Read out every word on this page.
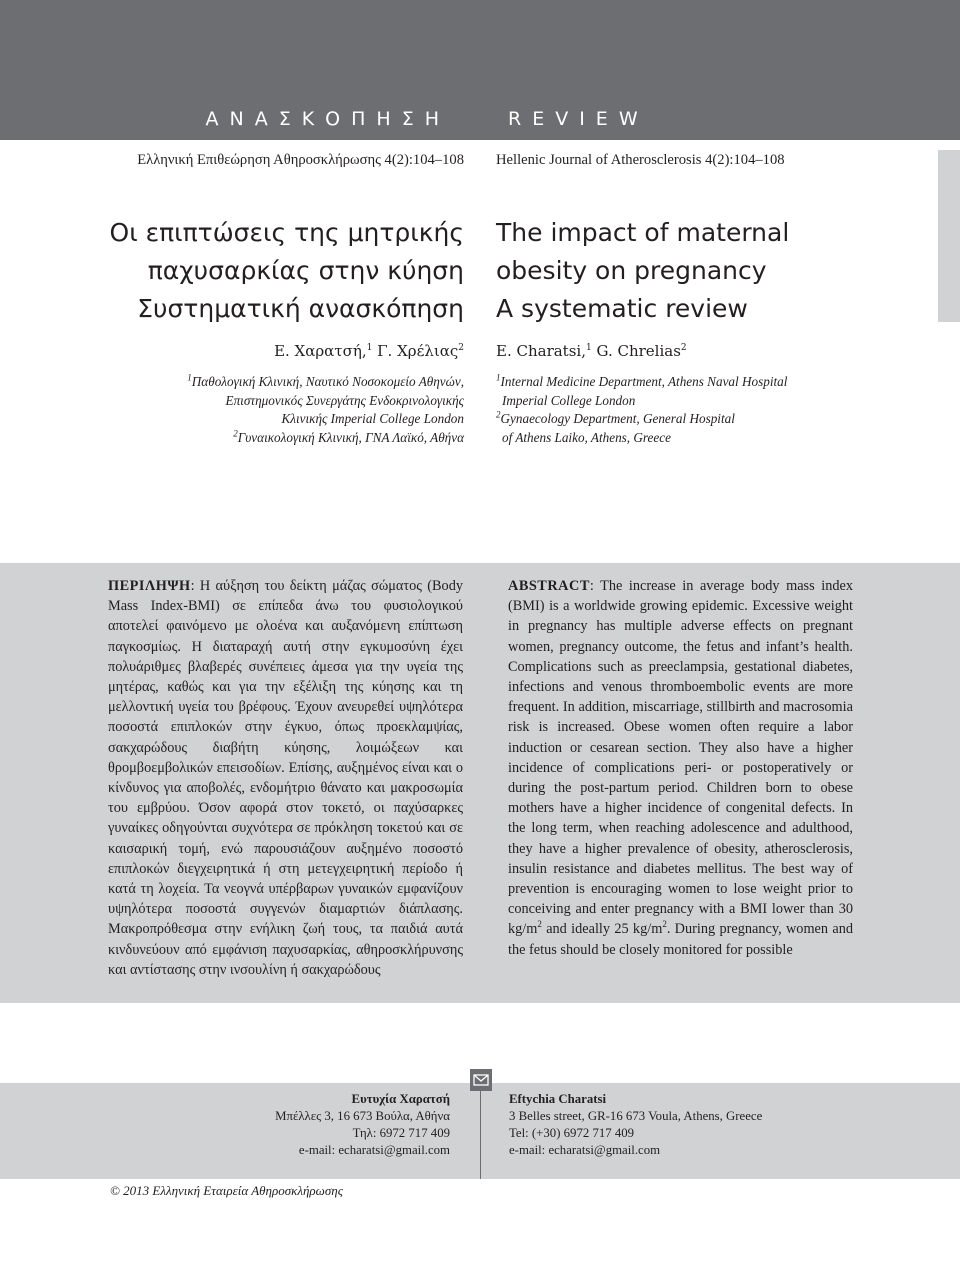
ΑΝΑΣΚΟΠΗΣΗ	REVIEW
Ελληνική Επιθεώρηση Αθηροσκλήρωσης 4(2):104–108 Hellenic Journal of Atherosclerosis 4(2):104–108
Οι επιπτώσεις της μητρικής
παχυσαρκίας στην κύηση
Συστηματική ανασκόπηση
The impact of maternal
obesity on pregnancy
A systematic review
Ε. Χαρατσή,$^1$ Γ. Χρέλιας$^2$ E. Charatsi,$^1$ G. Chrelias$^2$
$^1$Παθολογική Κλινική, Ναυτικό Νοσοκομείο Αθηνών,
Επιστημονικός Συνεργάτης Ενδοκρινολογικής
Κλινικής Imperial College London
$^2$Γυναικολογική Κλινική, ΓΝΑ Λαϊκό, Αθήνα
$^1$Internal Medicine Department, Athens Naval Hospital
Imperial College London
$^2$Gynaecology Department, General Hospital
of Athens Laiko, Athens, Greece
ΠΕΡΙΛΗΨΗ: Η αύξηση του δείκτη μάζας σώματος (Body Mass Index-BMI) σε επίπεδα άνω του φυσιολογικού αποτελεί φαινόμενο με ολοένα και αυξανόμενη επίπτωση παγκοσμίως. Η διαταραχή αυτή στην εγκυμοσύνη έχει πολυάριθμες βλαβερές συνέπειες άμεσα για την υγεία της μητέρας, καθώς και για την εξέλιξη της κύησης και τη μελλοντική υγεία του βρέφους. Έχουν ανευρεθεί υψηλότερα ποσοστά επιπλοκών στην έγκυο, όπως προεκλαμψίας, σακχαρώδους διαβήτη κύησης, λοιμώξεων και θρομβοεμβολικών επεισοδίων. Επίσης, αυξημένος είναι και ο κίνδυνος για αποβολές, ενδομήτριο θάνατο και μακροσωμία του εμβρύου. Όσον αφορά στον τοκετό, οι παχύσαρκες γυναίκες οδηγούνται συχνότερα σε πρόκληση τοκετού και σε καισαρική τομή, ενώ παρουσιάζουν αυξημένο ποσοστό επιπλοκών διεγχειρητικά ή στη μετεγχειρητική περίοδο ή κατά τη λοχεία. Τα νεογνά υπέρβαρων γυναικών εμφανίζουν υψηλότερα ποσοστά συγγενών διαμαρτιών διάπλασης. Μακροπρόθεσμα στην ενήλικη ζωή τους, τα παιδιά αυτά κινδυνεύουν από εμφάνιση παχυσαρκίας, αθηροσκλήρυνσης και αντίστασης στην ινσουλίνη ή σακχαρώδους
ABSTRACT: The increase in average body mass index (BMI) is a worldwide growing epidemic. Excessive weight in pregnancy has multiple adverse effects on pregnant women, pregnancy outcome, the fetus and infant’s health. Complications such as preeclampsia, gestational diabetes, infections and venous thromboembolic events are more frequent. In addition, miscarriage, stillbirth and macrosomia risk is increased. Obese women often require a labor induction or cesarean section. They also have a higher incidence of complications peri- or postoperatively or during the post-partum period. Children born to obese mothers have a higher incidence of congenital defects. In the long term, when reaching adolescence and adulthood, they have a higher prevalence of obesity, atherosclerosis, insulin resistance and diabetes mellitus. The best way of prevention is encouraging women to lose weight prior to conceiving and enter pregnancy with a BMI lower than 30 $kg/m^2$ and ideally 25 $kg/m^2$. During pregnancy, women and the fetus should be closely monitored for possible
Ευτυχία Χαρατσή
Μπέλλες 3, 16 673 Βούλα, Αθήνα
Τηλ: 6972 717 409
e-mail: echaratsi@gmail.com
Eftychia Charatsi
3 Belles street, GR-16 673 Voula, Athens, Greece
Tel: (+30) 6972 717 409
e-mail: echaratsi@gmail.com
© 2013 Ελληνική Εταιρεία Αθηροσκλήρωσης
